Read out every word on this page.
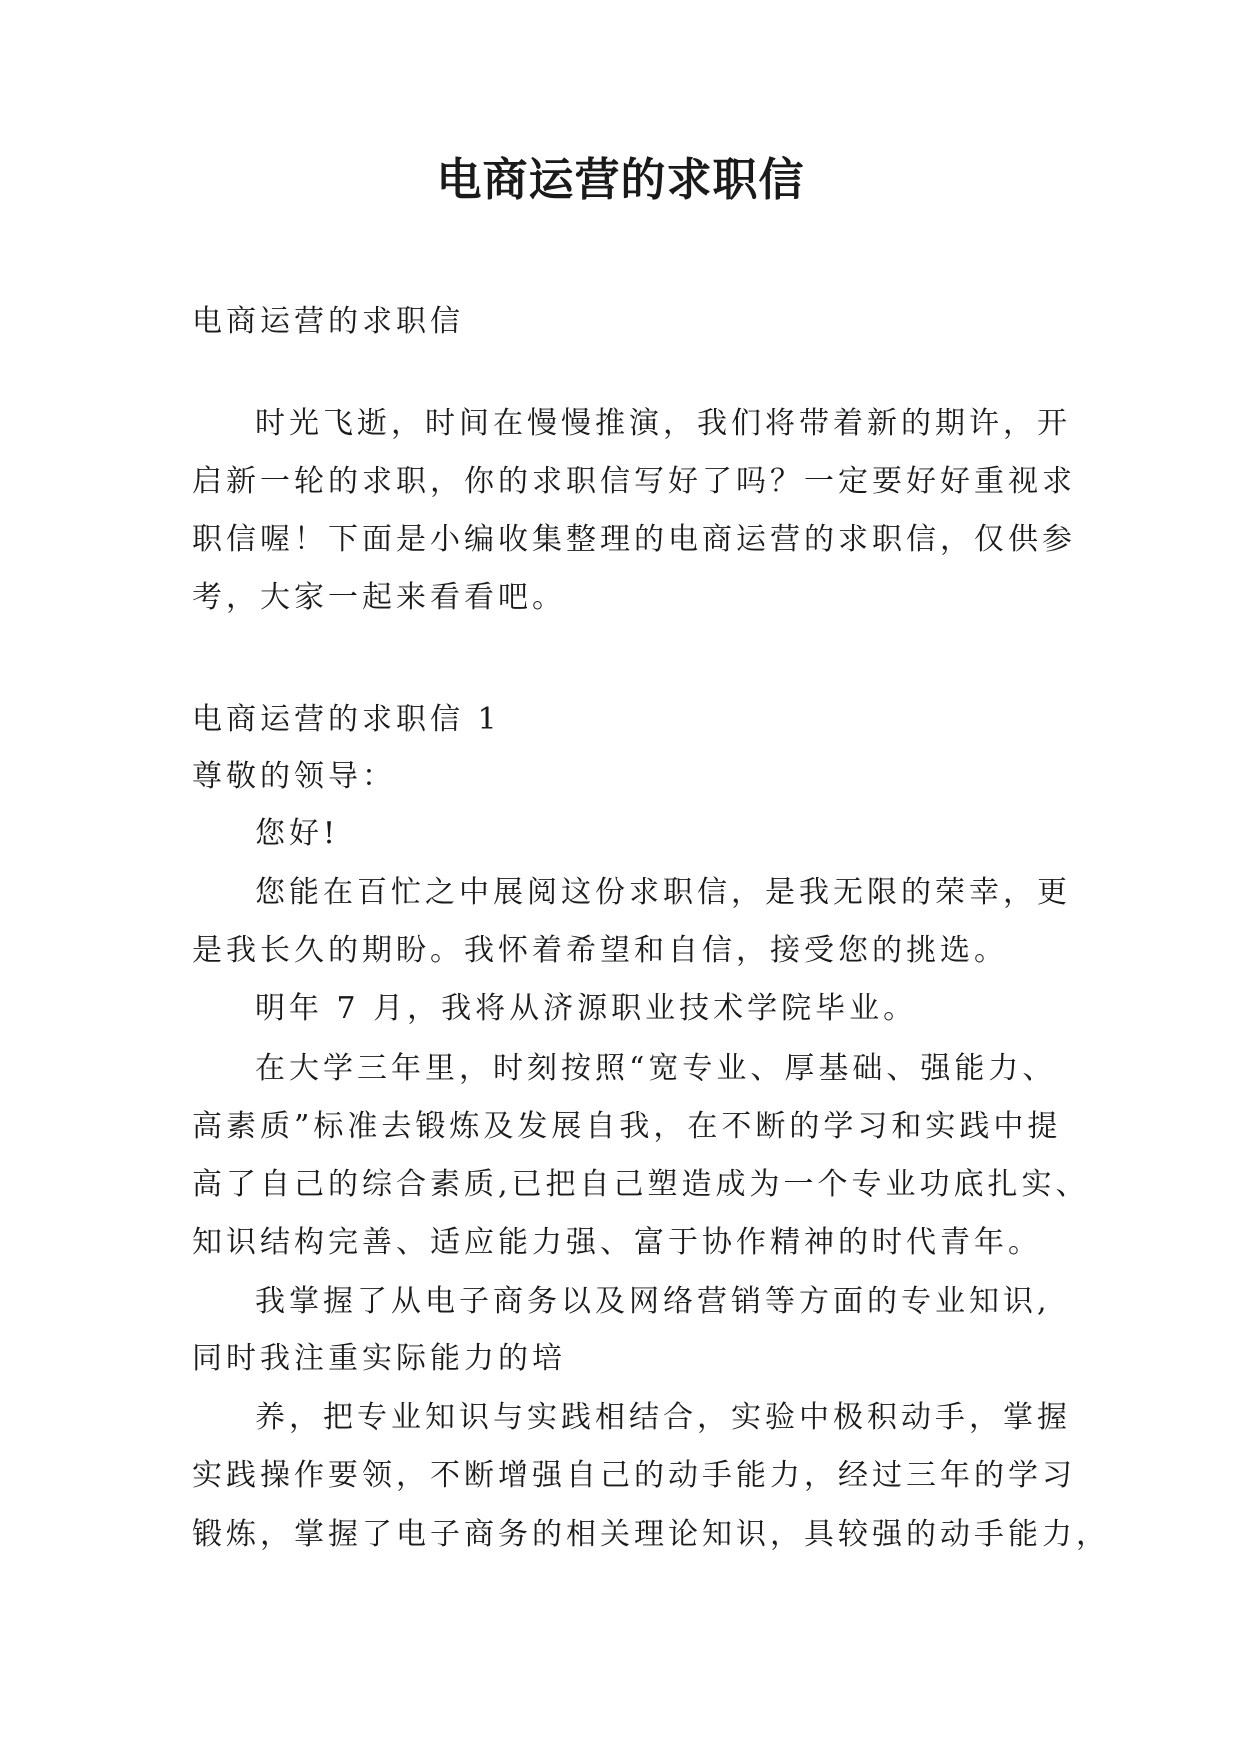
电商运营的求职信
电商运营的求职信
时光飞逝，时间在慢慢推演，我们将带着新的期许，开
启新一轮的求职，你的求职信写好了吗？一定要好好重视求
职信喔！下面是小编收集整理的电商运营的求职信，仅供参
考，大家一起来看看吧。
电商运营的求职信 1
尊敬的领导：
您好!
您能在百忙之中展阅这份求职信，是我无限的荣幸，更
是我长久的期盼。我怀着希望和自信，接受您的挑选。
明年 7 月，我将从济源职业技术学院毕业。
在大学三年里，时刻按照“宽专业、厚基础、强能力、
高素质”标准去锻炼及发展自我，在不断的学习和实践中提
高了自己的综合素质,已把自己塑造成为一个专业功底扎实、
知识结构完善、适应能力强、富于协作精神的时代青年。
我掌握了从电子商务以及网络营销等方面的专业知识,
同时我注重实际能力的培
养，把专业知识与实践相结合，实验中极积动手，掌握
实践操作要领，不断增强自己的动手能力，经过三年的学习
锻炼，掌握了电子商务的相关理论知识，具较强的动手能力，
